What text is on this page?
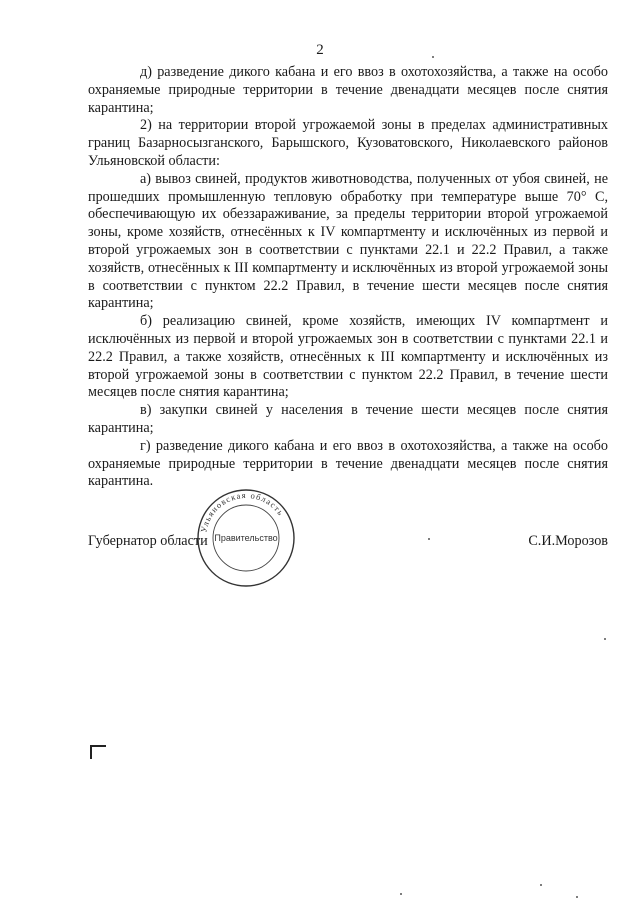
2

д) разведение дикого кабана и его ввоз в охотохозяйства, а также на особо охраняемые природные территории в течение двенадцати месяцев после снятия карантина;

2) на территории второй угрожаемой зоны в пределах административных границ Базарносызганского, Барышского, Кузоватовского, Николаевского районов Ульяновской области:

а) вывоз свиней, продуктов животноводства, полученных от убоя свиней, не прошедших промышленную тепловую обработку при температуре выше 70° С, обеспечивающую их обеззараживание, за пределы территории второй угрожаемой зоны, кроме хозяйств, отнесённых к IV компартменту и исключённых из первой и второй угрожаемых зон в соответствии с пунктами 22.1 и 22.2 Правил, а также хозяйств, отнесённых к III компартменту и исключённых из второй угрожаемой зоны в соответствии с пунктом 22.2 Правил, в течение шести месяцев после снятия карантина;

б) реализацию свиней, кроме хозяйств, имеющих IV компартмент и исключённых из первой и второй угрожаемых зон в соответствии с пунктами 22.1 и 22.2 Правил, а также хозяйств, отнесённых к III компартменту и исключённых из второй угрожаемой зоны в соответствии с пунктом 22.2 Правил, в течение шести месяцев после снятия карантина;

в) закупки свиней у населения в течение шести месяцев после снятия карантина;

г) разведение дикого кабана и его ввоз в охотохозяйства, а также на особо охраняемые природные территории в течение двенадцати месяцев после снятия карантина.

Губернатор области	С.И.Морозов
Ульяновская область
Правительство
